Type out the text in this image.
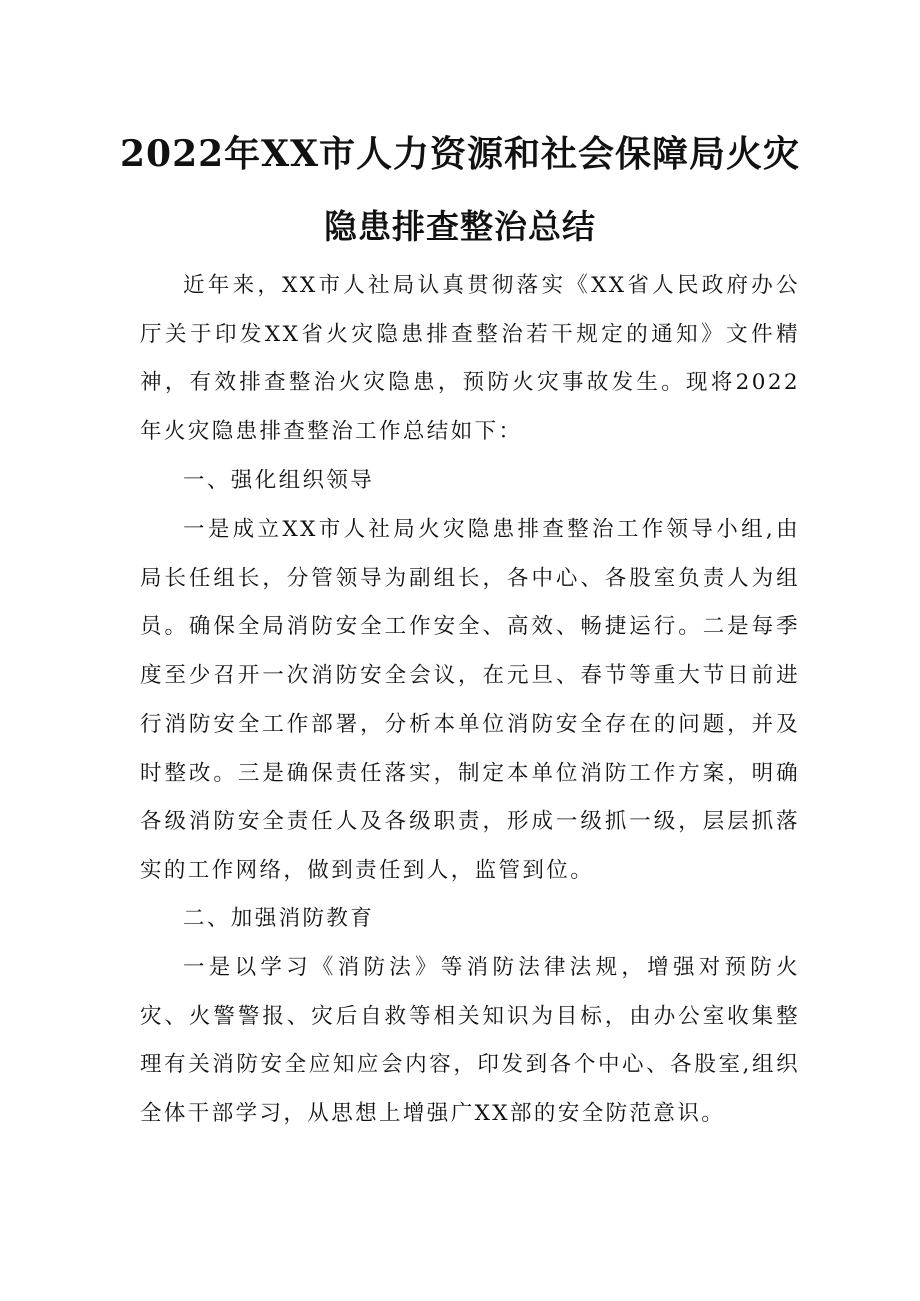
2022年XX市人力资源和社会保障局火灾
隐患排查整治总结

近年来，XX市人社局认真贯彻落实《XX省人民政府办公厅关于印发XX省火灾隐患排查整治若干规定的通知》文件精神，有效排查整治火灾隐患，预防火灾事故发生。现将2022年火灾隐患排查整治工作总结如下：

一、强化组织领导

一是成立XX市人社局火灾隐患排查整治工作领导小组,由局长任组长，分管领导为副组长，各中心、各股室负责人为组员。确保全局消防安全工作安全、高效、畅捷运行。二是每季度至少召开一次消防安全会议，在元旦、春节等重大节日前进行消防安全工作部署，分析本单位消防安全存在的问题，并及时整改。三是确保责任落实，制定本单位消防工作方案，明确各级消防安全责任人及各级职责，形成一级抓一级，层层抓落实的工作网络，做到责任到人，监管到位。

二、加强消防教育

一是以学习《消防法》等消防法律法规，增强对预防火灾、火警警报、灾后自救等相关知识为目标，由办公室收集整理有关消防安全应知应会内容，印发到各个中心、各股室,组织全体干部学习，从思想上增强广XX部的安全防范意识。
